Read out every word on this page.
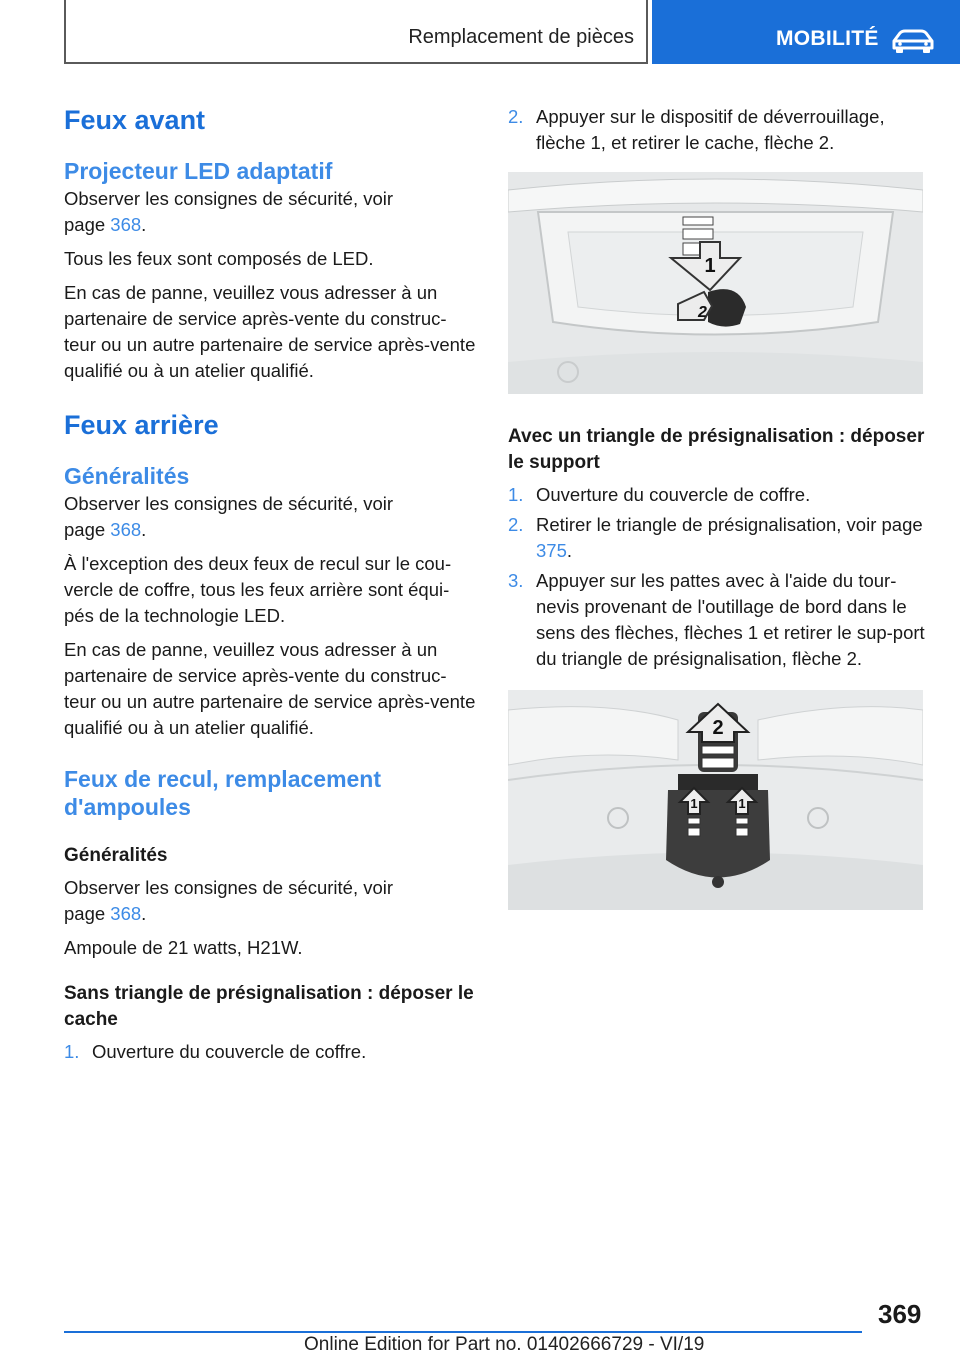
Remplacement de pièces	MOBILITÉ
Feux avant
Projecteur LED adaptatif

Observer les consignes de sécurité, voir page 368.

Tous les feux sont composés de LED.

En cas de panne, veuillez vous adresser à un partenaire de service après-vente du construc-teur ou un autre partenaire de service après-vente qualifié ou à un atelier qualifié.

Feux arrière
Généralités

Observer les consignes de sécurité, voir page 368.

À l'exception des deux feux de recul sur le cou-vercle de coffre, tous les feux arrière sont équi-pés de la technologie LED.

En cas de panne, veuillez vous adresser à un partenaire de service après-vente du construc-teur ou un autre partenaire de service après-vente qualifié ou à un atelier qualifié.

Feux de recul, remplacement d'ampoules
Généralités

Observer les consignes de sécurité, voir page 368.

Ampoule de 21 watts, H21W.

Sans triangle de présignalisation : déposer le cache
1. Ouverture du couvercle de coffre.
2. Appuyer sur le dispositif de déverrouillage, flèche 1, et retirer le cache, flèche 2.
1
2
Avec un triangle de présignalisation : déposer le support
1. Ouverture du couvercle de coffre.
2. Retirer le triangle de présignalisation, voir page 375.
3. Appuyer sur les pattes avec à l'aide du tour-nevis provenant de l'outillage de bord dans le sens des flèches, flèches 1 et retirer le sup-port du triangle de présignalisation, flèche 2.
2
1	1
369
Online Edition for Part no. 01402666729 - VI/19
